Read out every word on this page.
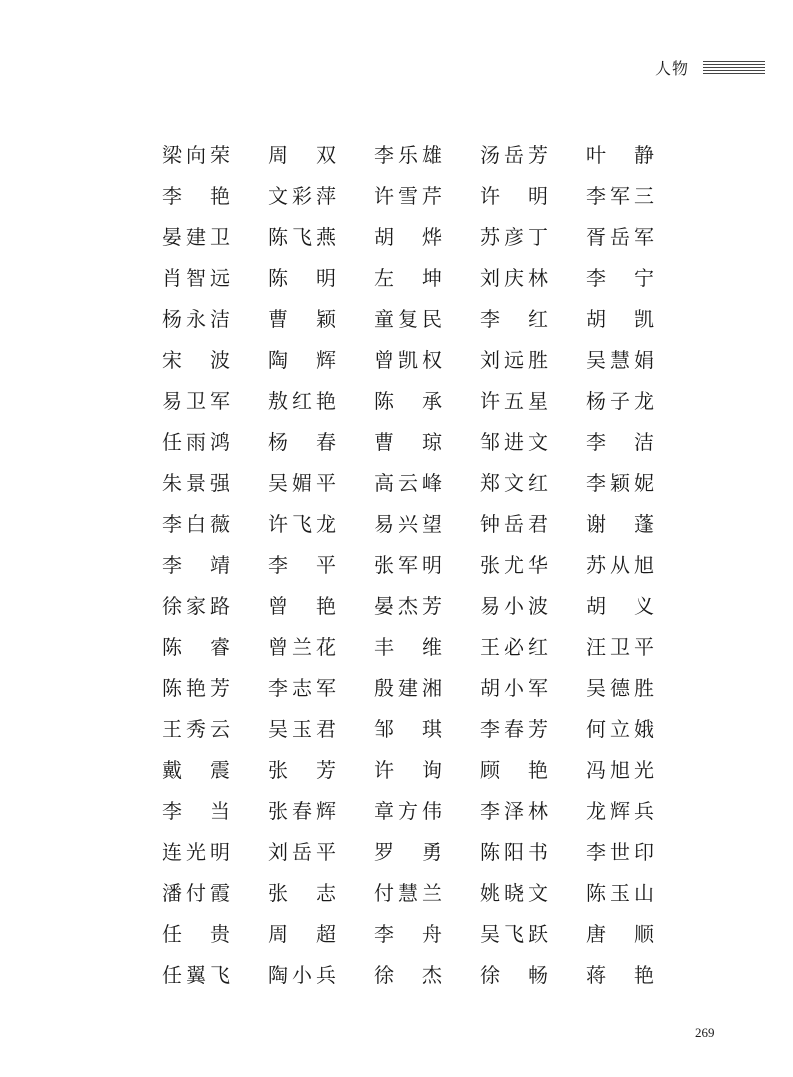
人物
梁 向 荣 周 双 李 乐 雄 汤 岳 芳 叶 静
李 艳 文 彩 萍 许 雪 芹 许 明 李 军 三
晏 建 卫 陈 飞 燕 胡 烨 苏 彦 丁 胥 岳 军
肖 智 远 陈 明 左 坤 刘 庆 林 李 宁
杨 永 洁 曹 颖 童 复 民 李 红 胡 凯
宋 波 陶 辉 曾 凯 权 刘 远 胜 吴 慧 娟
易 卫 军 敖 红 艳 陈 承 许 五 星 杨 子 龙
任 雨 鸿 杨 春 曹 琼 邹 进 文 李 洁
朱 景 强 吴 媚 平 高 云 峰 郑 文 红 李 颖 妮
李 白 薇 许 飞 龙 易 兴 望 钟 岳 君 谢 蓬
李 靖 李 平 张 军 明 张 尤 华 苏 从 旭
徐 家 路 曾 艳 晏 杰 芳 易 小 波 胡 义
陈 睿 曾 兰 花 丰 维 王 必 红 汪 卫 平
陈 艳 芳 李 志 军 殷 建 湘 胡 小 军 吴 德 胜
王 秀 云 吴 玉 君 邹 琪 李 春 芳 何 立 娥
戴 震 张 芳 许 询 顾 艳 冯 旭 光
李 当 张 春 辉 章 方 伟 李 泽 林 龙 辉 兵
连 光 明 刘 岳 平 罗 勇 陈 阳 书 李 世 印
潘 付 霞 张 志 付 慧 兰 姚 晓 文 陈 玉 山
任 贵 周 超 李 舟 吴 飞 跃 唐 顺
任 翼 飞 陶 小 兵 徐 杰 徐 畅 蒋 艳
269
